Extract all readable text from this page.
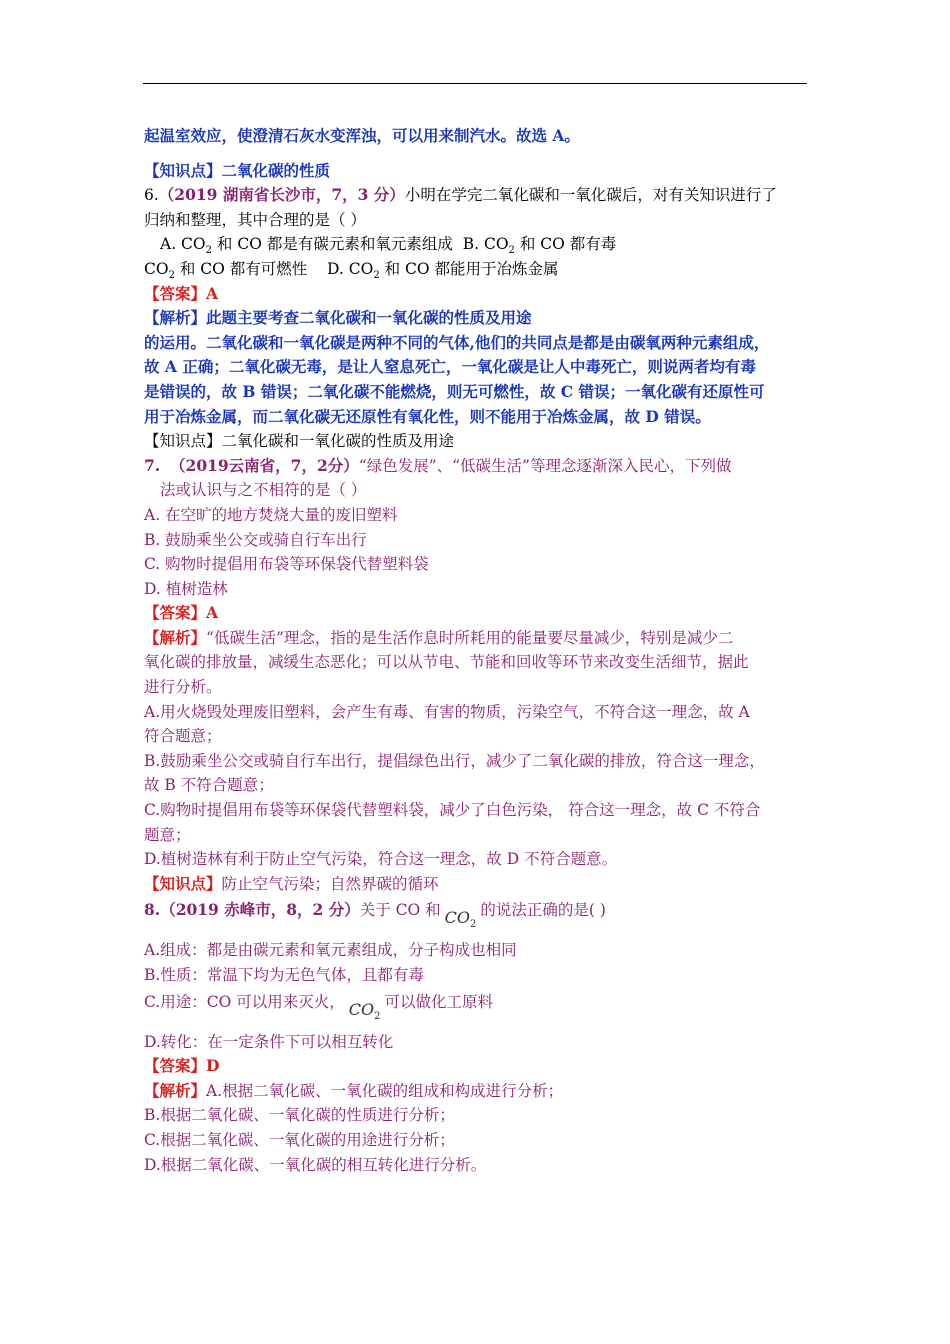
起温室效应，使澄清石灰水变浑浊，可以用来制汽水。故选 A。
【知识点】二氧化碳的性质
6.（2019 湖南省长沙市，7，3 分）小明在学完二氧化碳和一氧化碳后，对有关知识进行了
归纳和整理，其中合理的是（ ）
A. $CO_2$ 和 CO 都是有碳元素和氧元素组成 B. $CO_2$ 和 CO 都有毒
$CO_2$ 和 CO 都有可燃性 D. $CO_2$ 和 CO 都能用于冶炼金属
【答案】A
【解析】此题主要考查二氧化碳和一氧化碳的性质及用途
的运用。二氧化碳和一氧化碳是两种不同的气体,他们的共同点是都是由碳氧两种元素组成，
故 A 正确；二氧化碳无毒，是让人窒息死亡，一氧化碳是让人中毒死亡，则说两者均有毒
是错误的，故 B 错误；二氧化碳不能燃烧，则无可燃性，故 C 错误；一氧化碳有还原性可
用于冶炼金属，而二氧化碳无还原性有氧化性，则不能用于冶炼金属，故 D 错误。
【知识点】二氧化碳和一氧化碳的性质及用途
7. （2019云南省，7，2分）“绿色发展”、“低碳生活”等理念逐渐深入民心，下列做
法或认识与之不相符的是（ ）
A. 在空旷的地方焚烧大量的废旧塑料
B. 鼓励乘坐公交或骑自行车出行
C. 购物时提倡用布袋等环保袋代替塑料袋
D. 植树造林
【答案】A
【解析】“低碳生活”理念，指的是生活作息时所耗用的能量要尽量减少，特别是减少二
氧化碳的排放量，减缓生态恶化；可以从节电、节能和回收等环节来改变生活细节，据此
进行分析。
A.用火烧毁处理废旧塑料，会产生有毒、有害的物质，污染空气，不符合这一理念，故 A
符合题意；
B.鼓励乘坐公交或骑自行车出行，提倡绿色出行，减少了二氧化碳的排放，符合这一理念，
故 B 不符合题意；
C.购物时提倡用布袋等环保袋代替塑料袋，减少了白色污染， 符合这一理念，故 C 不符合
题意；
D.植树造林有利于防止空气污染，符合这一理念，故 D 不符合题意。
【知识点】防止空气污染；自然界碳的循环
8.（2019 赤峰市，8，2 分）关于 CO 和 $CO_2$的说法正确的是( )
A.组成：都是由碳元素和氧元素组成，分子构成也相同
B.性质：常温下均为无色气体，且都有毒
C.用途：CO 可以用来灭火， $CO_2$可以做化工原料
D.转化：在一定条件下可以相互转化
【答案】D
【解析】A.根据二氧化碳、一氧化碳的组成和构成进行分析；
B.根据二氧化碳、一氧化碳的性质进行分析；
C.根据二氧化碳、一氧化碳的用途进行分析；
D.根据二氧化碳、一氧化碳的相互转化进行分析。
